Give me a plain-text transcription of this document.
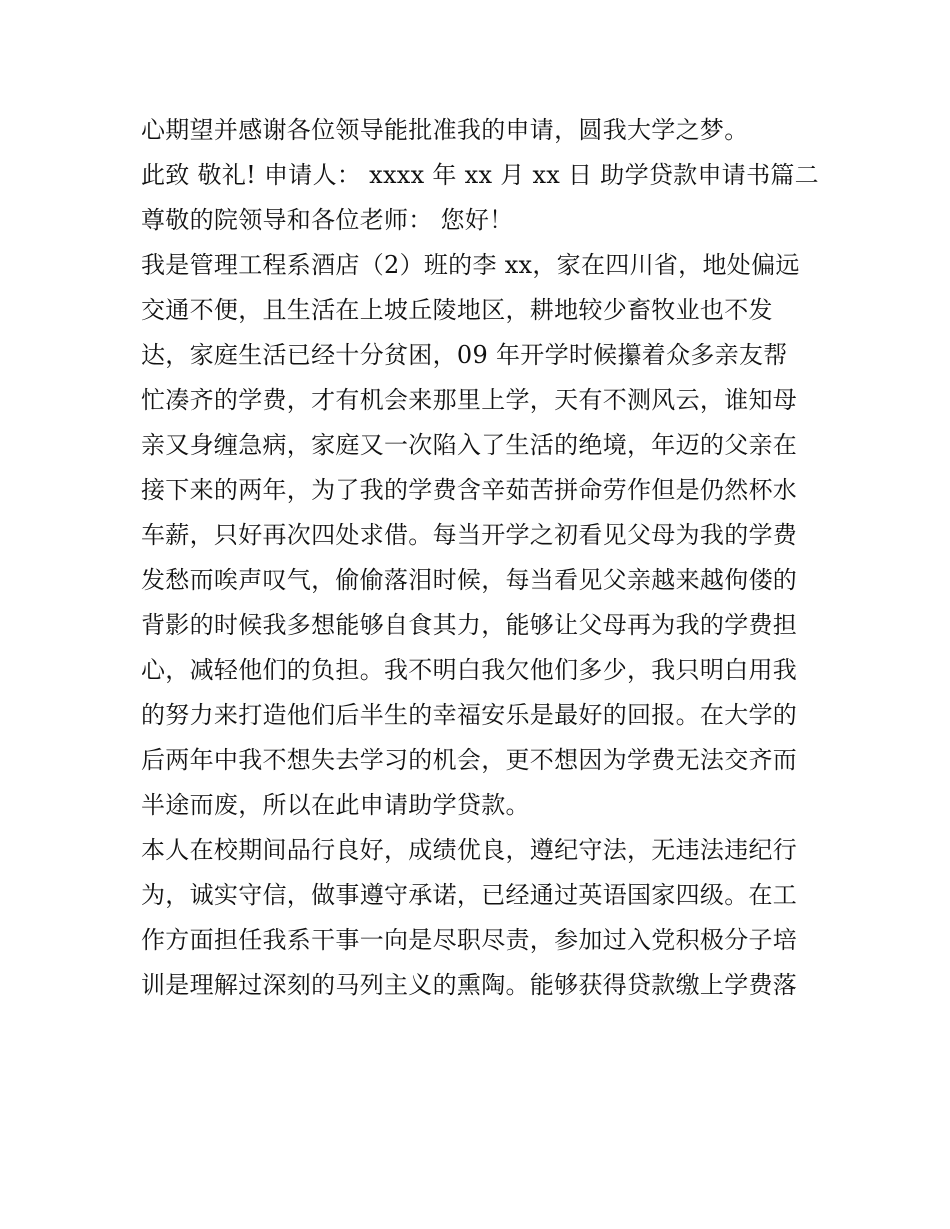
心期望并感谢各位领导能批准我的申请，圆我大学之梦。
此致 敬礼! 申请人： xxxx 年 xx 月 xx 日 助学贷款申请书篇二
尊敬的院领导和各位老师： 您好！
我是管理工程系酒店（2）班的李 xx，家在四川省，地处偏远
交通不便，且生活在上坡丘陵地区，耕地较少畜牧业也不发
达，家庭生活已经十分贫困，09 年开学时候攥着众多亲友帮
忙凑齐的学费，才有机会来那里上学，天有不测风云，谁知母
亲又身缠急病，家庭又一次陷入了生活的绝境，年迈的父亲在
接下来的两年，为了我的学费含辛茹苦拼命劳作但是仍然杯水
车薪，只好再次四处求借。每当开学之初看见父母为我的学费
发愁而唉声叹气，偷偷落泪时候，每当看见父亲越来越佝偻的
背影的时候我多想能够自食其力，能够让父母再为我的学费担
心，减轻他们的负担。我不明白我欠他们多少，我只明白用我
的努力来打造他们后半生的幸福安乐是最好的回报。在大学的
后两年中我不想失去学习的机会，更不想因为学费无法交齐而
半途而废，所以在此申请助学贷款。
本人在校期间品行良好，成绩优良，遵纪守法，无违法违纪行
为，诚实守信，做事遵守承诺，已经通过英语国家四级。在工
作方面担任我系干事一向是尽职尽责，参加过入党积极分子培
训是理解过深刻的马列主义的熏陶。能够获得贷款缴上学费落
